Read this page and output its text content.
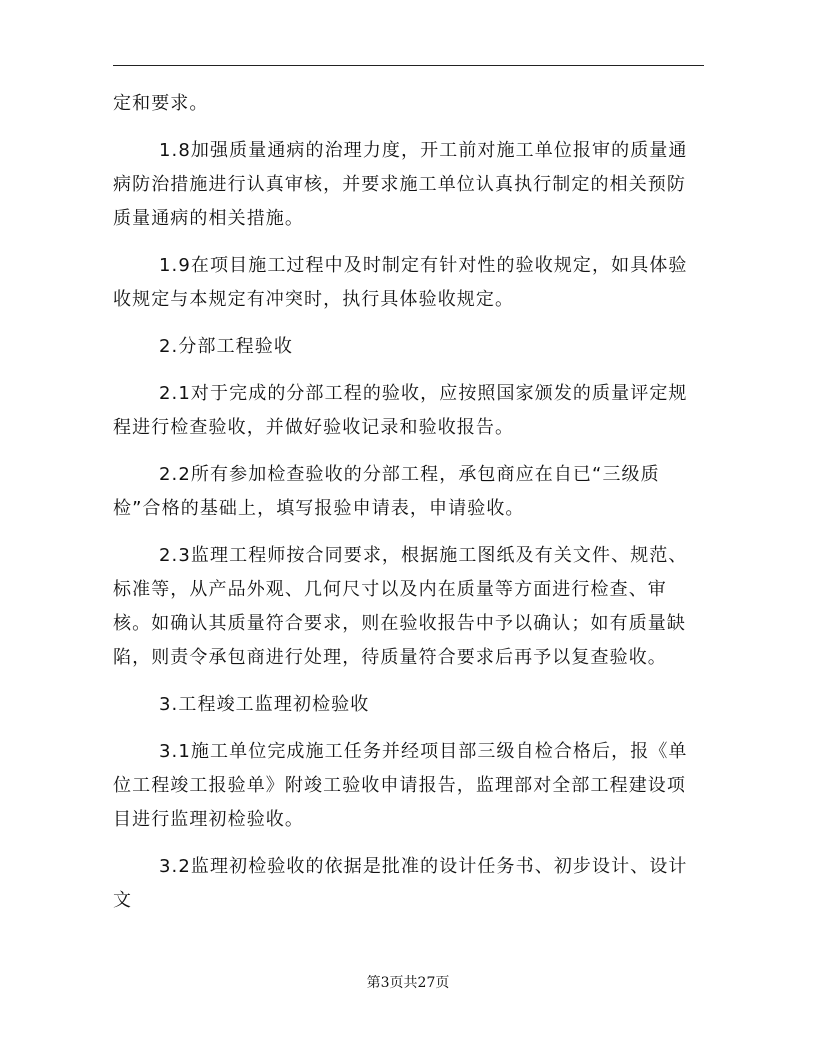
定和要求。

1.8加强质量通病的治理力度，开工前对施工单位报审的质量通病防治措施进行认真审核，并要求施工单位认真执行制定的相关预防质量通病的相关措施。

1.9在项目施工过程中及时制定有针对性的验收规定，如具体验收规定与本规定有冲突时，执行具体验收规定。

2.分部工程验收

2.1对于完成的分部工程的验收，应按照国家颁发的质量评定规程进行检查验收，并做好验收记录和验收报告。

2.2所有参加检查验收的分部工程，承包商应在自已“三级质检”合格的基础上，填写报验申请表，申请验收。

2.3监理工程师按合同要求，根据施工图纸及有关文件、规范、标准等，从产品外观、几何尺寸以及内在质量等方面进行检查、审核。如确认其质量符合要求，则在验收报告中予以确认；如有质量缺陷，则责令承包商进行处理，待质量符合要求后再予以复查验收。

3.工程竣工监理初检验收

3.1施工单位完成施工任务并经项目部三级自检合格后，报《单位工程竣工报验单》附竣工验收申请报告，监理部对全部工程建设项目进行监理初检验收。

3.2监理初检验收的依据是批准的设计任务书、初步设计、设计文

第3页共27页
